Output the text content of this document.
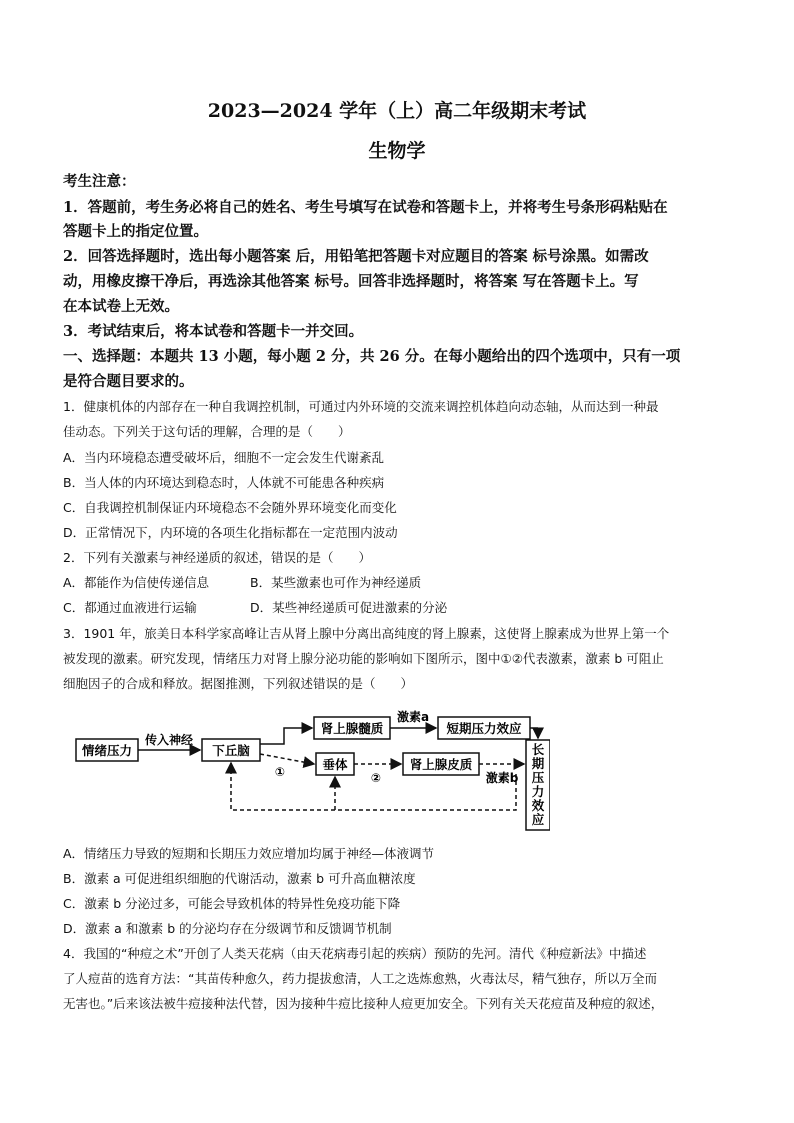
2023—2024 学年（上）高二年级期末考试
生物学
考生注意：
1．答题前，考生务必将自己的姓名、考生号填写在试卷和答题卡上，并将考生号条形码粘贴在
答题卡上的指定位置。
2．回答选择题时，选出每小题答案 后，用铅笔把答题卡对应题目的答案 标号涂黑。如需改
动，用橡皮擦干净后，再选涂其他答案 标号。回答非选择题时，将答案 写在答题卡上。写
在本试卷上无效。
3．考试结束后，将本试卷和答题卡一并交回。
一、选择题：本题共 13 小题，每小题 2 分，共 26 分。在每小题给出的四个选项中，只有一项
是符合题目要求的。
1．健康机体的内部存在一种自我调控机制，可通过内外环境的交流来调控机体趋向动态轴，从而达到一种最
佳动态。下列关于这句话的理解，合理的是（　　）
A．当内环境稳态遭受破坏后，细胞不一定会发生代谢紊乱
B．当人体的内环境达到稳态时，人体就不可能患各种疾病
C．自我调控机制保证内环境稳态不会随外界环境变化而变化
D．正常情况下，内环境的各项生化指标都在一定范围内波动
2．下列有关激素与神经递质的叙述，错误的是（　　）
A．都能作为信使传递信息	B．某些激素也可作为神经递质
C．都通过血液进行运输	D．某些神经递质可促进激素的分泌
3．1901 年，旅美日本科学家高峰让吉从肾上腺中分离出高纯度的肾上腺素，这使肾上腺素成为世界上第一个
被发现的激素。研究发现，情绪压力对肾上腺分泌功能的影响如下图所示，图中①②代表激素，激素 b 可阻止
细胞因子的合成和释放。据图推测，下列叙述错误的是（　　）
情绪压力	下丘脑
肾上腺髓质	短期压力效应
垂体	肾上腺皮质
长
期
压
力
效
应
传入神经
激素a
①	②	激素b
A．情绪压力导致的短期和长期压力效应增加均属于神经—体液调节
B．激素 a 可促进组织细胞的代谢活动，激素 b 可升高血糖浓度
C．激素 b 分泌过多，可能会导致机体的特异性免疫功能下降
D．激素 a 和激素 b 的分泌均存在分级调节和反馈调节机制
4．我国的“种痘之术”开创了人类天花病（由天花病毒引起的疾病）预防的先河。清代《种痘新法》中描述
了人痘苗的选育方法：“其苗传种愈久，药力提拔愈清，人工之选炼愈熟，火毒汰尽，精气独存，所以万全而
无害也。”后来该法被牛痘接种法代替，因为接种牛痘比接种人痘更加安全。下列有关天花痘苗及种痘的叙述，
